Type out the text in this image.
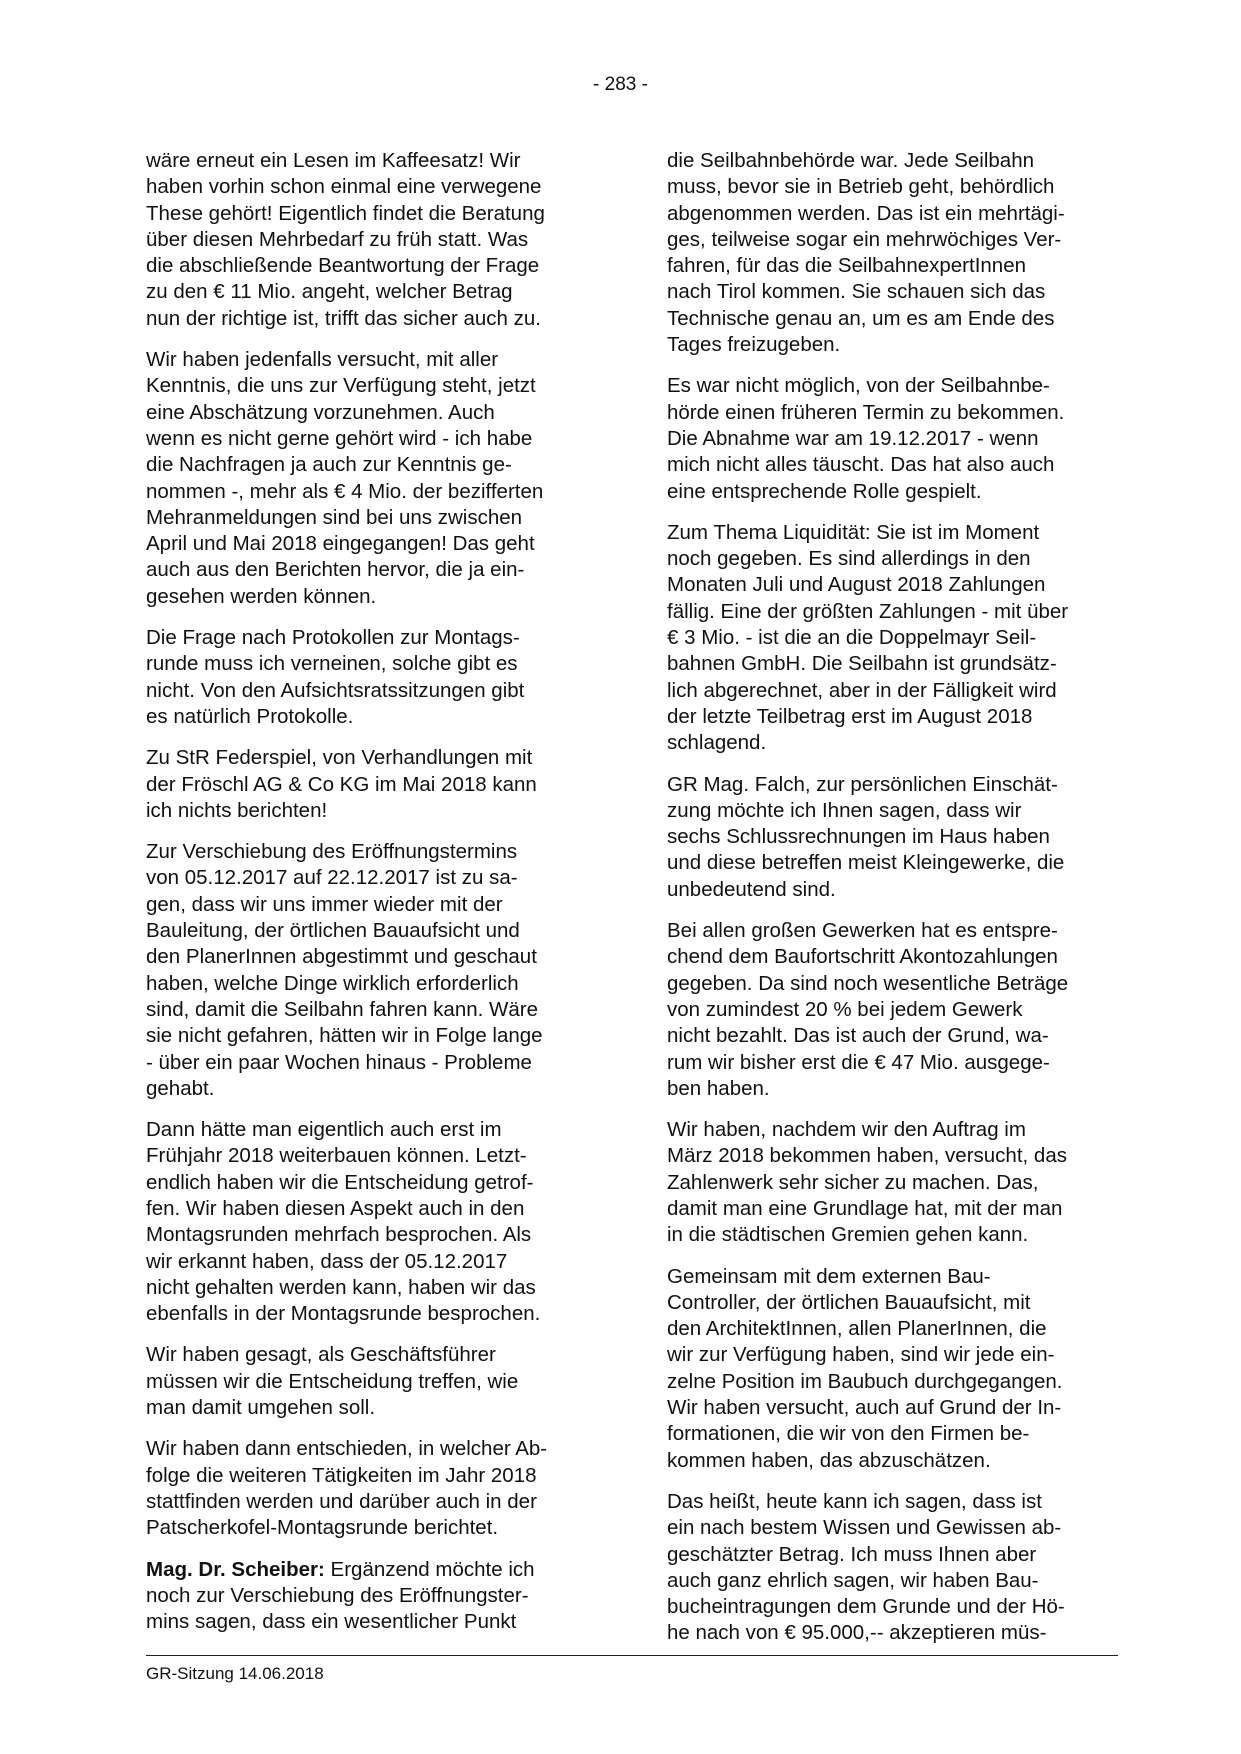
- 283 -

wäre erneut ein Lesen im Kaffeesatz! Wir
haben vorhin schon einmal eine verwegene
These gehört! Eigentlich findet die Beratung
über diesen Mehrbedarf zu früh statt. Was
die abschließende Beantwortung der Frage
zu den € 11 Mio. angeht, welcher Betrag
nun der richtige ist, trifft das sicher auch zu.

Wir haben jedenfalls versucht, mit aller
Kenntnis, die uns zur Verfügung steht, jetzt
eine Abschätzung vorzunehmen. Auch
wenn es nicht gerne gehört wird - ich habe
die Nachfragen ja auch zur Kenntnis ge-
nommen -, mehr als € 4 Mio. der bezifferten
Mehranmeldungen sind bei uns zwischen
April und Mai 2018 eingegangen! Das geht
auch aus den Berichten hervor, die ja ein-
gesehen werden können.

Die Frage nach Protokollen zur Montags-
runde muss ich verneinen, solche gibt es
nicht. Von den Aufsichtsratssitzungen gibt
es natürlich Protokolle.

Zu StR Federspiel, von Verhandlungen mit
der Fröschl AG & Co KG im Mai 2018 kann
ich nichts berichten!

Zur Verschiebung des Eröffnungstermins
von 05.12.2017 auf 22.12.2017 ist zu sa-
gen, dass wir uns immer wieder mit der
Bauleitung, der örtlichen Bauaufsicht und
den PlanerInnen abgestimmt und geschaut
haben, welche Dinge wirklich erforderlich
sind, damit die Seilbahn fahren kann. Wäre
sie nicht gefahren, hätten wir in Folge lange
- über ein paar Wochen hinaus - Probleme
gehabt.

Dann hätte man eigentlich auch erst im
Frühjahr 2018 weiterbauen können. Letzt-
endlich haben wir die Entscheidung getrof-
fen. Wir haben diesen Aspekt auch in den
Montagsrunden mehrfach besprochen. Als
wir erkannt haben, dass der 05.12.2017
nicht gehalten werden kann, haben wir das
ebenfalls in der Montagsrunde besprochen.

Wir haben gesagt, als Geschäftsführer
müssen wir die Entscheidung treffen, wie
man damit umgehen soll.

Wir haben dann entschieden, in welcher Ab-
folge die weiteren Tätigkeiten im Jahr 2018
stattfinden werden und darüber auch in der
Patscherkofel-Montagsrunde berichtet.

Mag. Dr. Scheiber: Ergänzend möchte ich
noch zur Verschiebung des Eröffnungster-
mins sagen, dass ein wesentlicher Punkt

die Seilbahnbehörde war. Jede Seilbahn
muss, bevor sie in Betrieb geht, behördlich
abgenommen werden. Das ist ein mehrtägi-
ges, teilweise sogar ein mehrwöchiges Ver-
fahren, für das die SeilbahnexpertInnen
nach Tirol kommen. Sie schauen sich das
Technische genau an, um es am Ende des
Tages freizugeben.

Es war nicht möglich, von der Seilbahnbe-
hörde einen früheren Termin zu bekommen.
Die Abnahme war am 19.12.2017 - wenn
mich nicht alles täuscht. Das hat also auch
eine entsprechende Rolle gespielt.

Zum Thema Liquidität: Sie ist im Moment
noch gegeben. Es sind allerdings in den
Monaten Juli und August 2018 Zahlungen
fällig. Eine der größten Zahlungen - mit über
€ 3 Mio. - ist die an die Doppelmayr Seil-
bahnen GmbH. Die Seilbahn ist grundsätz-
lich abgerechnet, aber in der Fälligkeit wird
der letzte Teilbetrag erst im August 2018
schlagend.

GR Mag. Falch, zur persönlichen Einschät-
zung möchte ich Ihnen sagen, dass wir
sechs Schlussrechnungen im Haus haben
und diese betreffen meist Kleingewerke, die
unbedeutend sind.

Bei allen großen Gewerken hat es entspre-
chend dem Baufortschritt Akontozahlungen
gegeben. Da sind noch wesentliche Beträge
von zumindest 20 % bei jedem Gewerk
nicht bezahlt. Das ist auch der Grund, wa-
rum wir bisher erst die € 47 Mio. ausgege-
ben haben.

Wir haben, nachdem wir den Auftrag im
März 2018 bekommen haben, versucht, das
Zahlenwerk sehr sicher zu machen. Das,
damit man eine Grundlage hat, mit der man
in die städtischen Gremien gehen kann.

Gemeinsam mit dem externen Bau-
Controller, der örtlichen Bauaufsicht, mit
den ArchitektInnen, allen PlanerInnen, die
wir zur Verfügung haben, sind wir jede ein-
zelne Position im Baubuch durchgegangen.
Wir haben versucht, auch auf Grund der In-
formationen, die wir von den Firmen be-
kommen haben, das abzuschätzen.

Das heißt, heute kann ich sagen, dass ist
ein nach bestem Wissen und Gewissen ab-
geschätzter Betrag. Ich muss Ihnen aber
auch ganz ehrlich sagen, wir haben Bau-
bucheintragungen dem Grunde und der Hö-
he nach von € 95.000,-- akzeptieren müs-

GR-Sitzung 14.06.2018
